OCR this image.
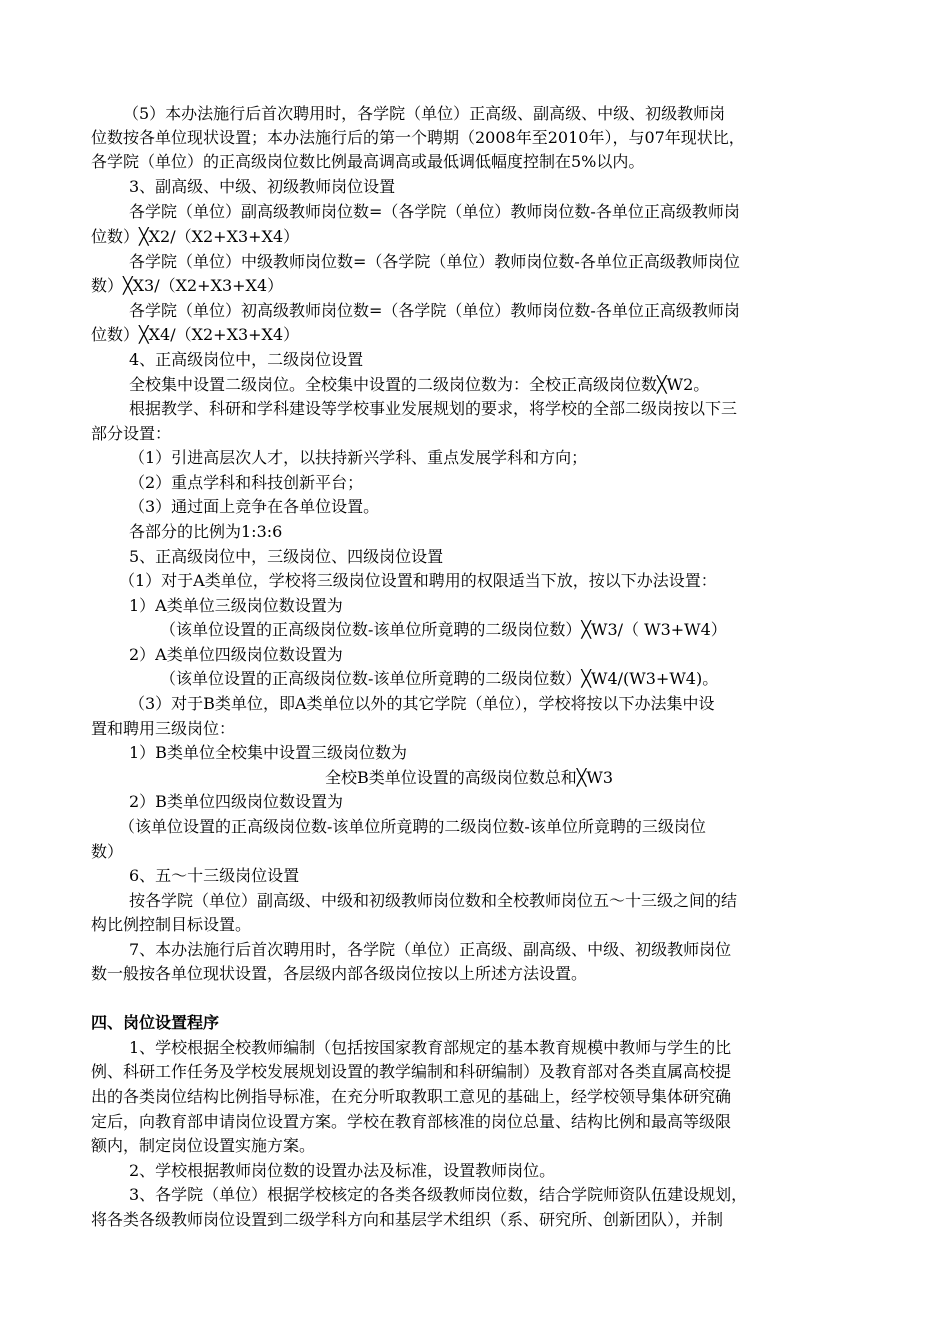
（5）本办法施行后首次聘用时，各学院（单位）正高级、副高级、中级、初级教师岗
位数按各单位现状设置；本办法施行后的第一个聘期（2008年至2010年），与07年现状比，
各学院（单位）的正高级岗位数比例最高调高或最低调低幅度控制在5%以内。
3、副高级、中级、初级教师岗位设置
各学院（单位）副高级教师岗位数=（各学院（单位）教师岗位数-各单位正高级教师岗
位数）╳X2/（X2+X3+X4）
各学院（单位）中级教师岗位数=（各学院（单位）教师岗位数-各单位正高级教师岗位
数）╳X3/（X2+X3+X4）
各学院（单位）初高级教师岗位数=（各学院（单位）教师岗位数-各单位正高级教师岗
位数）╳X4/（X2+X3+X4）
4、正高级岗位中，二级岗位设置
全校集中设置二级岗位。全校集中设置的二级岗位数为：全校正高级岗位数╳W2。
根据教学、科研和学科建设等学校事业发展规划的要求，将学校的全部二级岗按以下三
部分设置：
（1）引进高层次人才，以扶持新兴学科、重点发展学科和方向；
（2）重点学科和科技创新平台；
（3）通过面上竞争在各单位设置。
各部分的比例为1:3:6
5、正高级岗位中，三级岗位、四级岗位设置
（1）对于A类单位，学校将三级岗位设置和聘用的权限适当下放，按以下办法设置：
1）A类单位三级岗位数设置为
（该单位设置的正高级岗位数-该单位所竟聘的二级岗位数）╳W3/（ W3+W4）
2）A类单位四级岗位数设置为
（该单位设置的正高级岗位数-该单位所竟聘的二级岗位数）╳W4/(W3+W4)。
（3）对于B类单位，即A类单位以外的其它学院（单位），学校将按以下办法集中设
置和聘用三级岗位：
1）B类单位全校集中设置三级岗位数为
全校B类单位设置的高级岗位数总和╳W3
2）B类单位四级岗位数设置为
（该单位设置的正高级岗位数-该单位所竟聘的二级岗位数-该单位所竟聘的三级岗位
数）
6、五～十三级岗位设置
按各学院（单位）副高级、中级和初级教师岗位数和全校教师岗位五～十三级之间的结
构比例控制目标设置。
7、本办法施行后首次聘用时，各学院（单位）正高级、副高级、中级、初级教师岗位
数一般按各单位现状设置，各层级内部各级岗位按以上所述方法设置。
四、岗位设置程序
1、学校根据全校教师编制（包括按国家教育部规定的基本教育规模中教师与学生的比
例、科研工作任务及学校发展规划设置的教学编制和科研编制）及教育部对各类直属高校提
出的各类岗位结构比例指导标准，在充分听取教职工意见的基础上，经学校领导集体研究确
定后，向教育部申请岗位设置方案。学校在教育部核准的岗位总量、结构比例和最高等级限
额内，制定岗位设置实施方案。
2、学校根据教师岗位数的设置办法及标准，设置教师岗位。
3、各学院（单位）根据学校核定的各类各级教师岗位数，结合学院师资队伍建设规划，
将各类各级教师岗位设置到二级学科方向和基层学术组织（系、研究所、创新团队），并制
